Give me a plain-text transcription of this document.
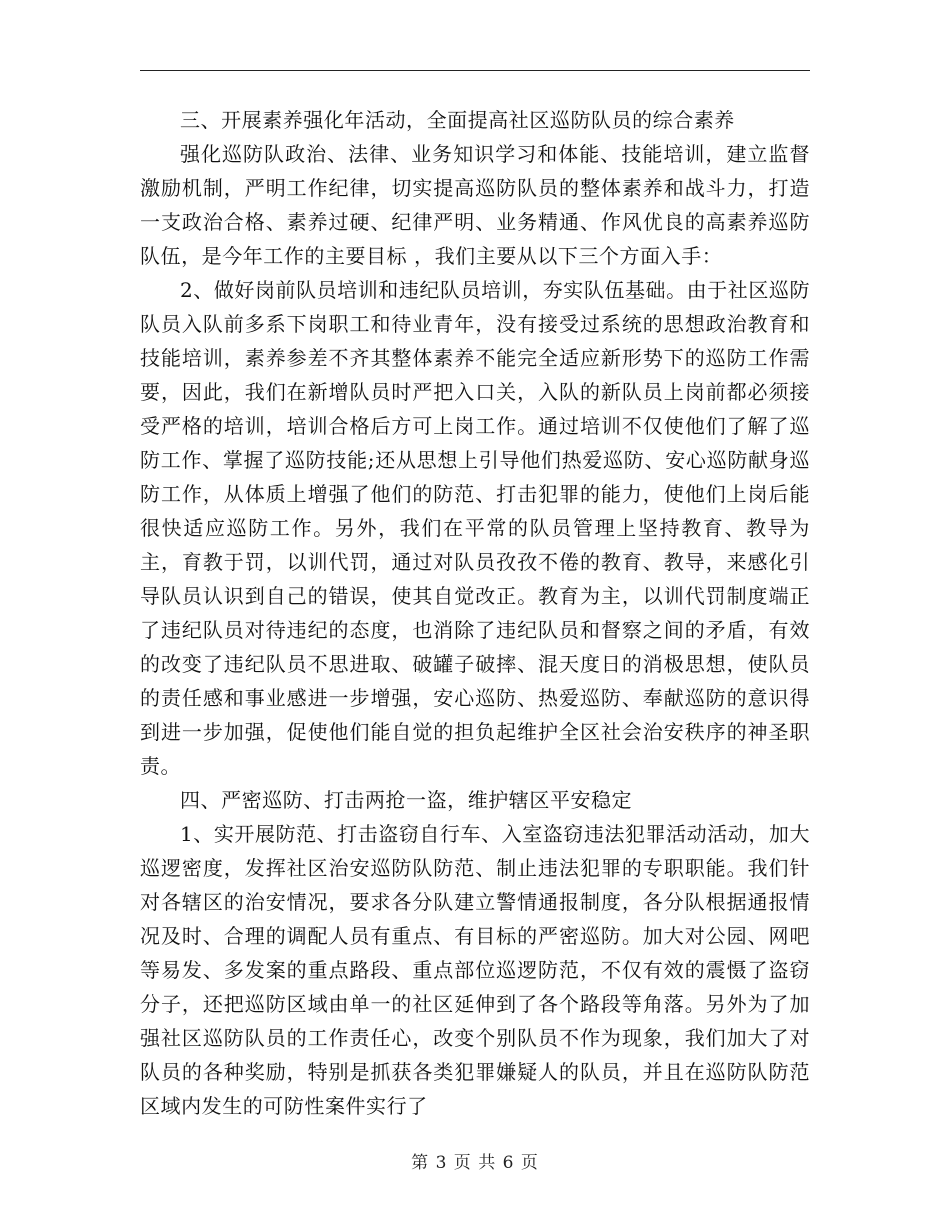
三、开展素养强化年活动，全面提高社区巡防队员的综合素养

强化巡防队政治、法律、业务知识学习和体能、技能培训，建立监督激励机制，严明工作纪律，切实提高巡防队员的整体素养和战斗力，打造一支政治合格、素养过硬、纪律严明、业务精通、作风优良的高素养巡防队伍，是今年工作的主要目标 ，我们主要从以下三个方面入手：

2、做好岗前队员培训和违纪队员培训，夯实队伍基础。由于社区巡防队员入队前多系下岗职工和待业青年，没有接受过系统的思想政治教育和技能培训，素养参差不齐其整体素养不能完全适应新形势下的巡防工作需要，因此，我们在新增队员时严把入口关，入队的新队员上岗前都必须接受严格的培训，培训合格后方可上岗工作。通过培训不仅使他们了解了巡防工作、掌握了巡防技能;还从思想上引导他们热爱巡防、安心巡防献身巡防工作，从体质上增强了他们的防范、打击犯罪的能力，使他们上岗后能很快适应巡防工作。另外，我们在平常的队员管理上坚持教育、教导为主，育教于罚，以训代罚，通过对队员孜孜不倦的教育、教导，来感化引导队员认识到自己的错误，使其自觉改正。教育为主，以训代罚制度端正了违纪队员对待违纪的态度，也消除了违纪队员和督察之间的矛盾，有效的改变了违纪队员不思进取、破罐子破摔、混天度日的消极思想，使队员的责任感和事业感进一步增强，安心巡防、热爱巡防、奉献巡防的意识得到进一步加强，促使他们能自觉的担负起维护全区社会治安秩序的神圣职责。

四、严密巡防、打击两抢一盗，维护辖区平安稳定

1、实开展防范、打击盗窃自行车、入室盗窃违法犯罪活动活动，加大巡逻密度，发挥社区治安巡防队防范、制止违法犯罪的专职职能。我们针对各辖区的治安情况，要求各分队建立警情通报制度，各分队根据通报情况及时、合理的调配人员有重点、有目标的严密巡防。加大对公园、网吧等易发、多发案的重点路段、重点部位巡逻防范，不仅有效的震慑了盗窃分子，还把巡防区域由单一的社区延伸到了各个路段等角落。另外为了加强社区巡防队员的工作责任心，改变个别队员不作为现象，我们加大了对队员的各种奖励，特别是抓获各类犯罪嫌疑人的队员，并且在巡防队防范区域内发生的可防性案件实行了

第 3 页 共 6 页
